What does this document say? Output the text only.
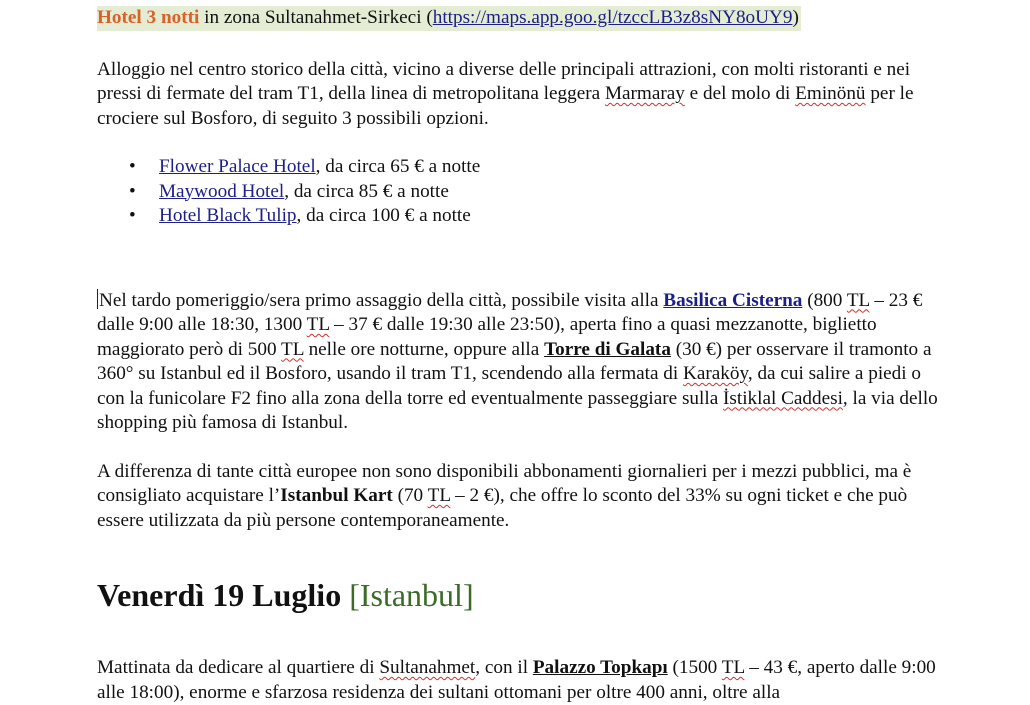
Hotel 3 notti in zona Sultanahmet-Sirkeci (https://maps.app.goo.gl/tzccLB3z8sNY8oUY9)

Alloggio nel centro storico della città, vicino a diverse delle principali attrazioni, con molti ristoranti e nei pressi di fermate del tram T1, della linea di metropolitana leggera Marmaray e del molo di Eminönü per le crociere sul Bosforo, di seguito 3 possibili opzioni.

• Flower Palace Hotel, da circa 65 € a notte
• Maywood Hotel, da circa 85 € a notte
• Hotel Black Tulip, da circa 100 € a notte

Nel tardo pomeriggio/sera primo assaggio della città, possibile visita alla Basilica Cisterna (800 TL – 23 € dalle 9:00 alle 18:30, 1300 TL – 37 € dalle 19:30 alle 23:50), aperta fino a quasi mezzanotte, biglietto maggiorato però di 500 TL nelle ore notturne, oppure alla Torre di Galata (30 €) per osservare il tramonto a 360° su Istanbul ed il Bosforo, usando il tram T1, scendendo alla fermata di Karaköy, da cui salire a piedi o con la funicolare F2 fino alla zona della torre ed eventualmente passeggiare sulla İstiklal Caddesi, la via dello shopping più famosa di Istanbul.

A differenza di tante città europee non sono disponibili abbonamenti giornalieri per i mezzi pubblici, ma è consigliato acquistare l’Istanbul Kart (70 TL – 2 €), che offre lo sconto del 33% su ogni ticket e che può essere utilizzata da più persone contemporaneamente.

Venerdì 19 Luglio [Istanbul]

Mattinata da dedicare al quartiere di Sultanahmet, con il Palazzo Topkapı (1500 TL – 43 €, aperto dalle 9:00 alle 18:00), enorme e sfarzosa residenza dei sultani ottomani per oltre 400 anni, oltre alla
